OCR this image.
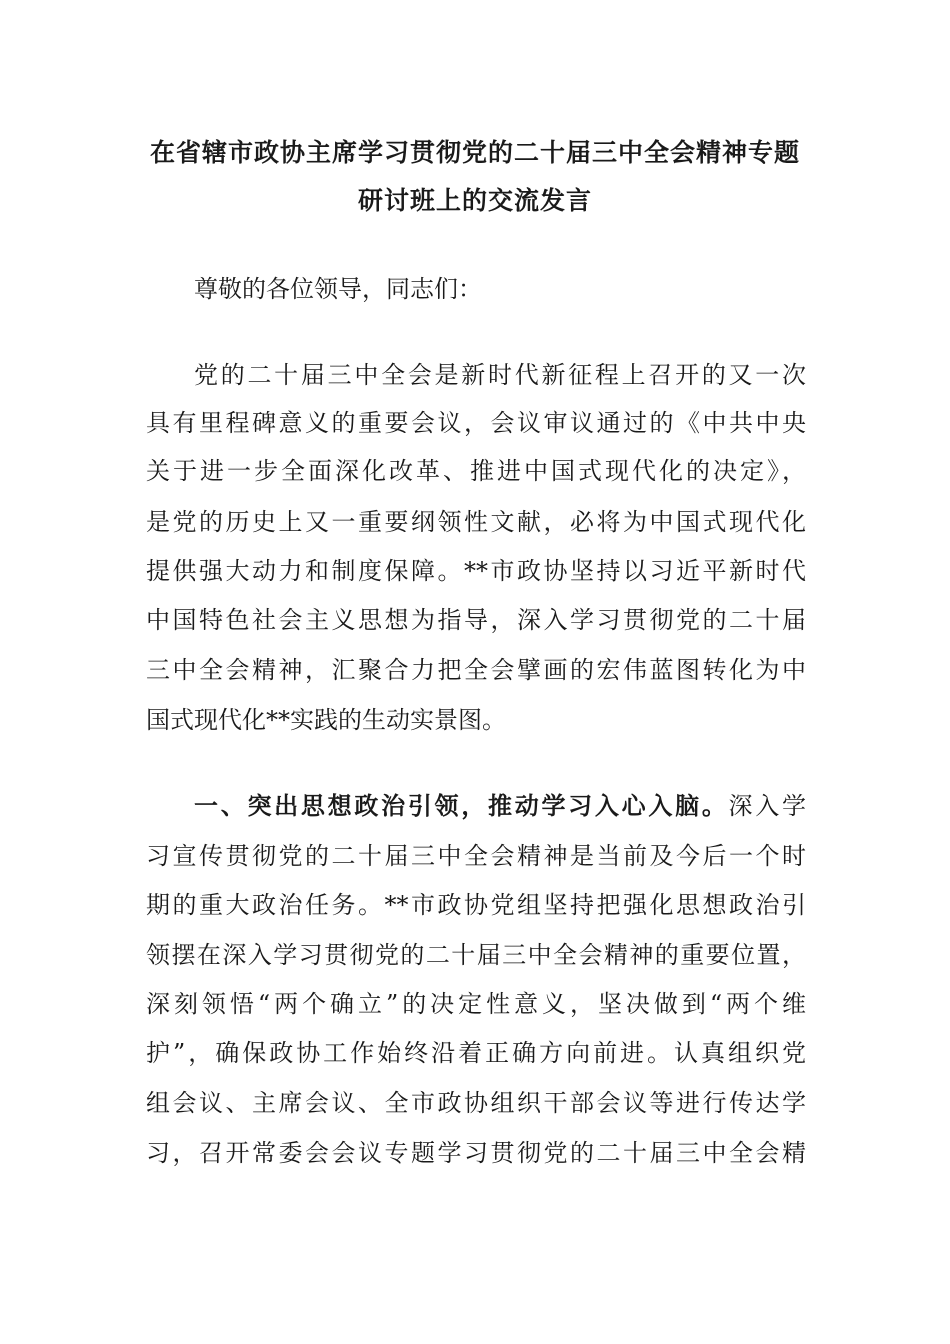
在省辖市政协主席学习贯彻党的二十届三中全会精神专题
研讨班上的交流发言
尊敬的各位领导，同志们：
党的二十届三中全会是新时代新征程上召开的又一次
具有里程碑意义的重要会议，会议审议通过的《中共中央
关于进一步全面深化改革、推进中国式现代化的决定》，
是党的历史上又一重要纲领性文献，必将为中国式现代化
提供强大动力和制度保障。**市政协坚持以习近平新时代
中国特色社会主义思想为指导，深入学习贯彻党的二十届
三中全会精神，汇聚合力把全会擘画的宏伟蓝图转化为中
国式现代化**实践的生动实景图。
一、突出思想政治引领，推动学习入心入脑。深入学
习宣传贯彻党的二十届三中全会精神是当前及今后一个时
期的重大政治任务。**市政协党组坚持把强化思想政治引
领摆在深入学习贯彻党的二十届三中全会精神的重要位置，
深刻领悟“两个确立”的决定性意义，坚决做到“两个维
护”，确保政协工作始终沿着正确方向前进。认真组织党
组会议、主席会议、全市政协组织干部会议等进行传达学
习，召开常委会会议专题学习贯彻党的二十届三中全会精
